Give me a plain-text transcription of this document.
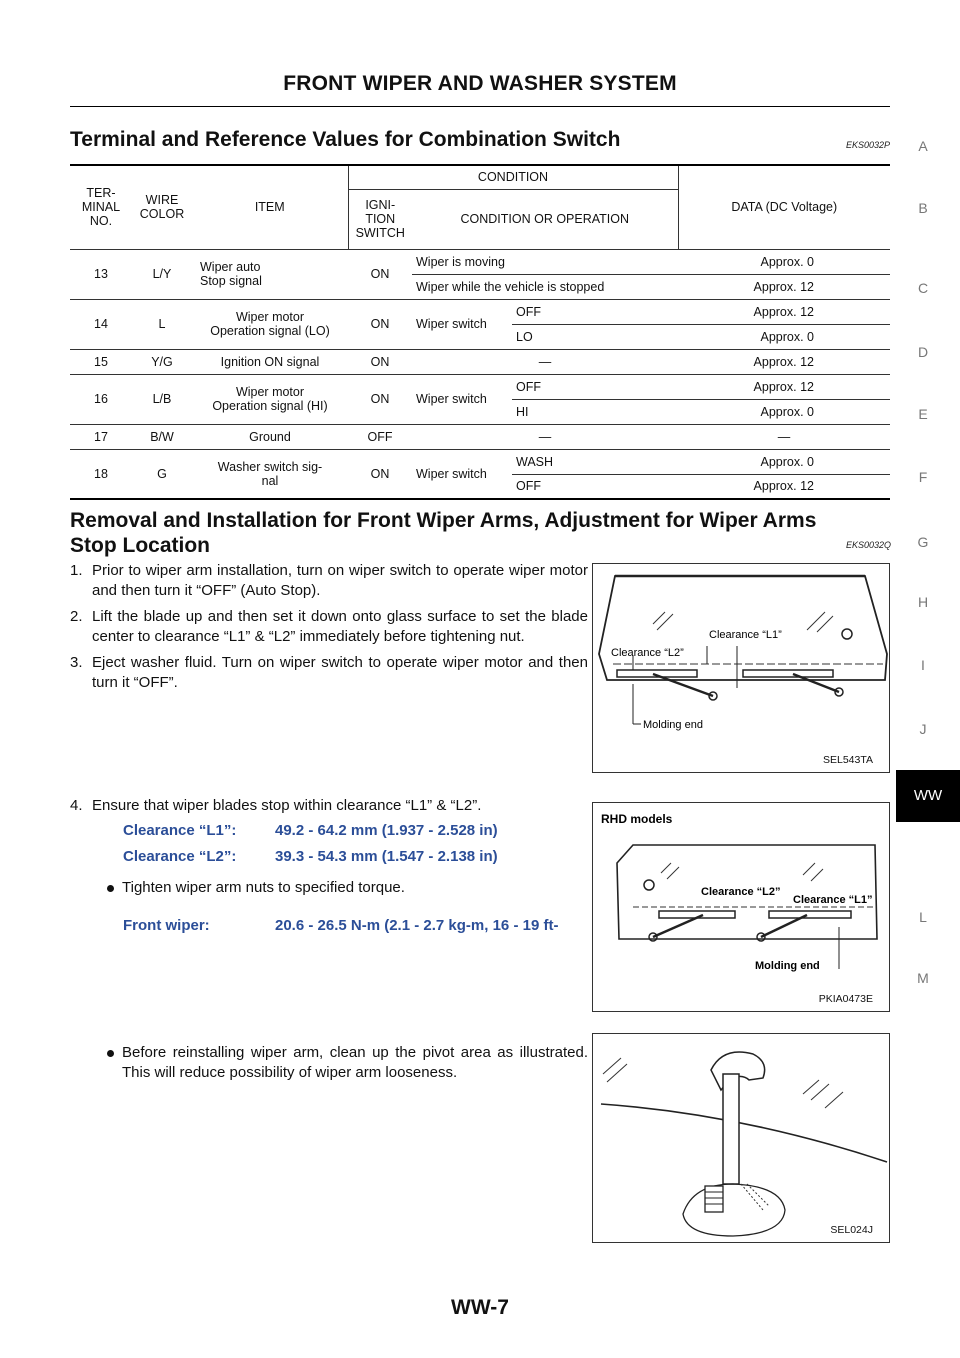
FRONT WIPER AND WASHER SYSTEM
Terminal and Reference Values for Combination Switch	EKS0032P	A
B
C
D
E
F
G
H
I
J
L
M
WW
TER-
MINAL
NO.	WIRE
COLOR	ITEM	CONDITION			DATA (DC Voltage)
			IGNI-
TION
SWITCH	CONDITION OR OPERATION		
13	L/Y	Wiper auto
Stop signal	ON	Wiper is moving		Approx. 0
				Wiper while the vehicle is stopped		Approx. 12
14	L	Wiper motor
Operation signal (LO)	ON	Wiper switch	OFF	Approx. 12
					LO	Approx. 0
15	Y/G	Ignition ON signal	ON	—		Approx. 12
16	L/B	Wiper motor
Operation signal (HI)	ON	Wiper switch	OFF	Approx. 12
					HI	Approx. 0
17	B/W	Ground	OFF	—		—
18	G	Washer switch sig-
nal	ON	Wiper switch	WASH	Approx. 0
					OFF	Approx. 12
Removal and Installation for Front Wiper Arms, Adjustment for Wiper Arms
Stop Location	EKS0032Q
1. Prior to wiper arm installation, turn on wiper switch to operate wiper motor and then turn it “OFF” (Auto Stop).
2. Lift the blade up and then set it down onto glass surface to set the blade center to clearance “L1” & “L2” immediately before tightening nut.
3. Eject washer fluid. Turn on wiper switch to operate wiper motor and then turn it “OFF”.
Clearance “L2”
Clearance “L1”
Molding end
SEL543TA
4. Ensure that wiper blades stop within clearance “L1” & “L2”.
Clearance “L1”:	49.2 - 64.2 mm (1.937 - 2.528 in)
Clearance “L2”:	39.3 - 54.3 mm (1.547 - 2.138 in)
Tighten wiper arm nuts to specified torque.
Front wiper:	20.6 - 26.5 N-m (2.1 - 2.7 kg-m, 16 - 19 ft-
RHD models
Clearance “L2”
Clearance “L1”
Molding end
PKIA0473E
Before reinstalling wiper arm, clean up the pivot area as illustrated. This will reduce possibility of wiper arm looseness.
SEL024J
WW-7
